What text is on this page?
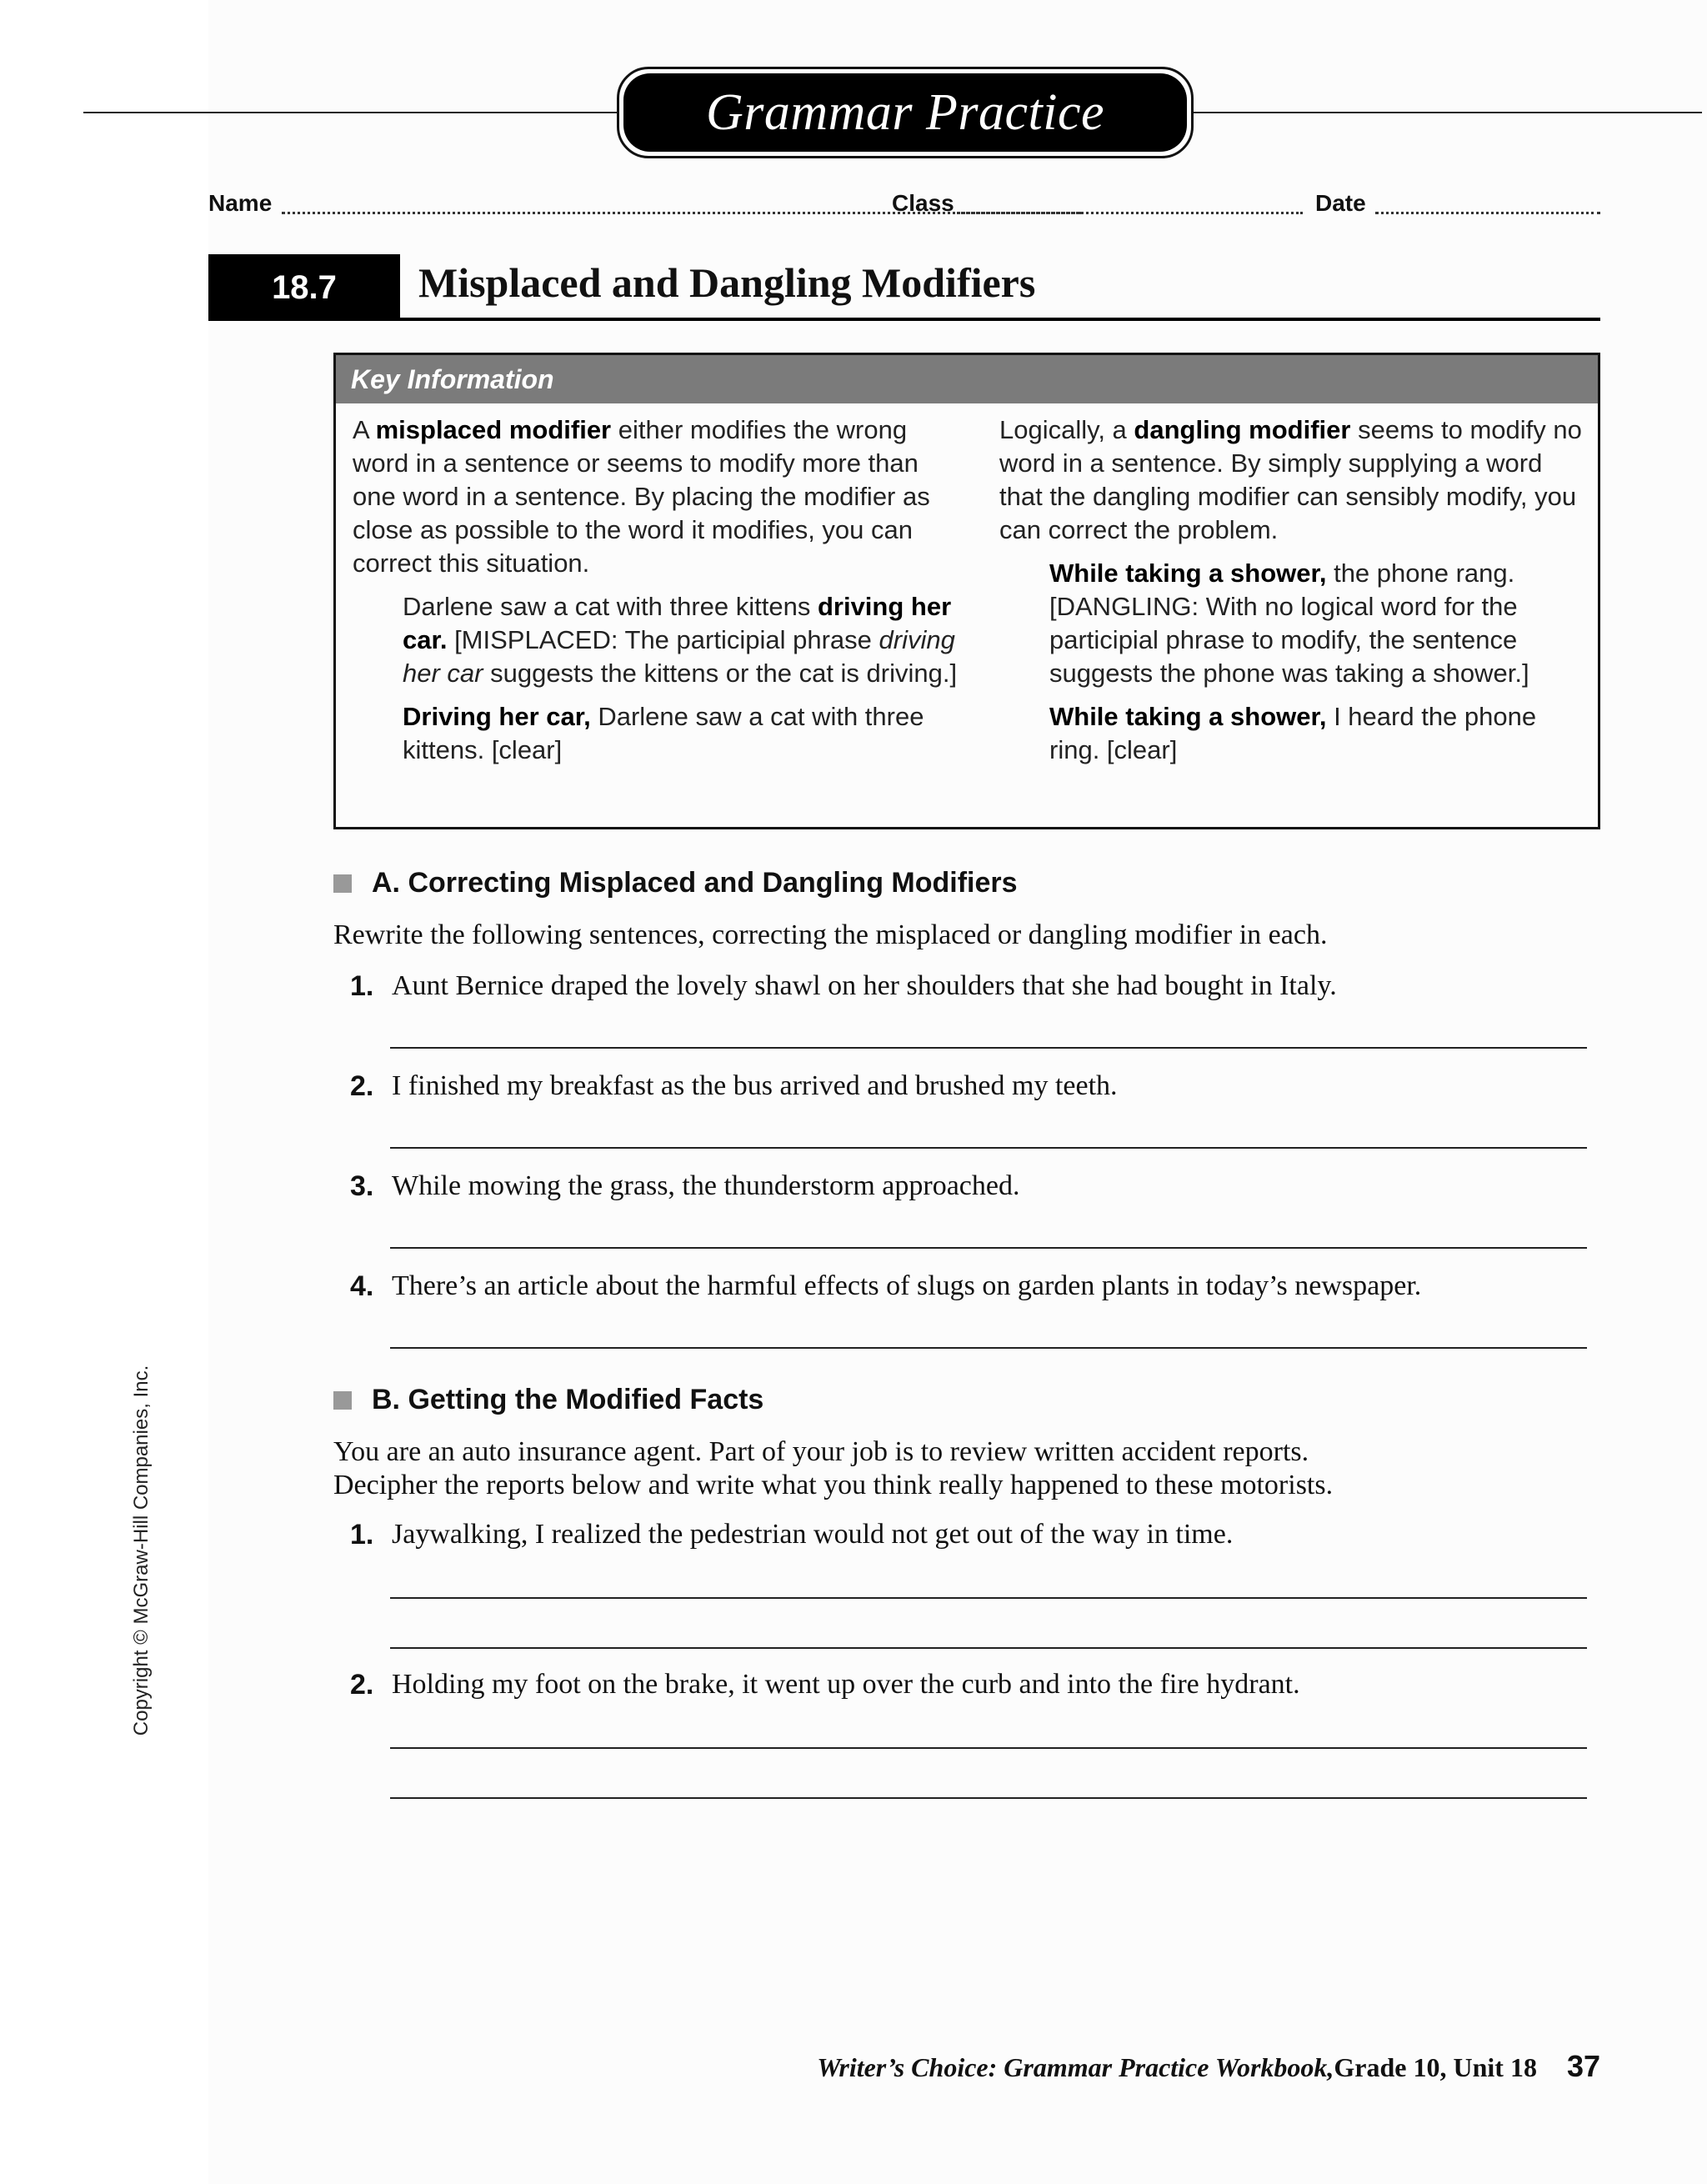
Grammar Practice
Name	Class	Date
18.7	Misplaced and Dangling Modifiers
Key Information

A misplaced modifier either modifies the wrong word in a sentence or seems to modify more than one word in a sentence. By placing the modifier as close as possible to the word it modifies, you can correct this situation.

Darlene saw a cat with three kittens driving her car. [MISPLACED: The participial phrase driving her car suggests the kittens or the cat is driving.]

Driving her car, Darlene saw a cat with three kittens. [clear]

Logically, a dangling modifier seems to modify no word in a sentence. By simply supplying a word that the dangling modifier can sensibly modify, you can correct the problem.

While taking a shower, the phone rang. [DANGLING: With no logical word for the participial phrase to modify, the sentence suggests the phone was taking a shower.]

While taking a shower, I heard the phone ring. [clear]

A. Correcting Misplaced and Dangling Modifiers
Rewrite the following sentences, correcting the misplaced or dangling modifier in each.
1. Aunt Bernice draped the lovely shawl on her shoulders that she had bought in Italy.
2. I finished my breakfast as the bus arrived and brushed my teeth.
3. While mowing the grass, the thunderstorm approached.
4. There’s an article about the harmful effects of slugs on garden plants in today’s newspaper.
B. Getting the Modified Facts
You are an auto insurance agent. Part of your job is to review written accident reports.
Decipher the reports below and write what you think really happened to these motorists.
1. Jaywalking, I realized the pedestrian would not get out of the way in time.
2. Holding my foot on the brake, it went up over the curb and into the fire hydrant.
Copyright © McGraw-Hill Companies, Inc.
Writer’s Choice: Grammar Practice Workbook, Grade 10, Unit 18 37
